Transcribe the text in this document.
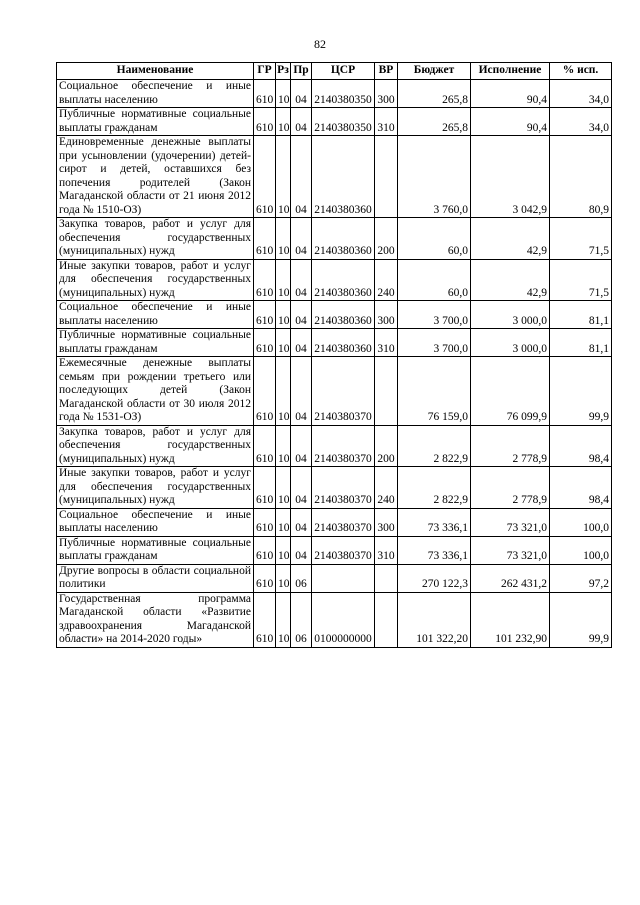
82
Наименование	ГР	Рз	Пр	ЦСР	ВР	Бюджет	Исполнение	% исп.
Социальное обеспечение и иные выплаты населению	610	10	04	2140380350	300	265,8	90,4	34,0
Публичные нормативные социальные выплаты гражданам	610	10	04	2140380350	310	265,8	90,4	34,0
Единовременные денежные выплаты при усыновлении (удочерении) детей-сирот и детей, оставшихся без попечения родителей (Закон Магаданской области от 21 июня 2012 года № 1510-ОЗ)	610	10	04	2140380360		3 760,0	3 042,9	80,9
Закупка товаров, работ и услуг для обеспечения государственных (муниципальных) нужд	610	10	04	2140380360	200	60,0	42,9	71,5
Иные закупки товаров, работ и услуг для обеспечения государственных (муниципальных) нужд	610	10	04	2140380360	240	60,0	42,9	71,5
Социальное обеспечение и иные выплаты населению	610	10	04	2140380360	300	3 700,0	3 000,0	81,1
Публичные нормативные социальные выплаты гражданам	610	10	04	2140380360	310	3 700,0	3 000,0	81,1
Ежемесячные денежные выплаты семьям при рождении третьего или последующих детей (Закон Магаданской области от 30 июля 2012 года № 1531-ОЗ)	610	10	04	2140380370		76 159,0	76 099,9	99,9
Закупка товаров, работ и услуг для обеспечения государственных (муниципальных) нужд	610	10	04	2140380370	200	2 822,9	2 778,9	98,4
Иные закупки товаров, работ и услуг для обеспечения государственных (муниципальных) нужд	610	10	04	2140380370	240	2 822,9	2 778,9	98,4
Социальное обеспечение и иные выплаты населению	610	10	04	2140380370	300	73 336,1	73 321,0	100,0
Публичные нормативные социальные выплаты гражданам	610	10	04	2140380370	310	73 336,1	73 321,0	100,0
Другие вопросы в области социальной политики	610	10	06			270 122,3	262 431,2	97,2
Государственная программа Магаданской области «Развитие здравоохранения Магаданской области» на 2014-2020 годы»	610	10	06	0100000000		101 322,20	101 232,90	99,9
